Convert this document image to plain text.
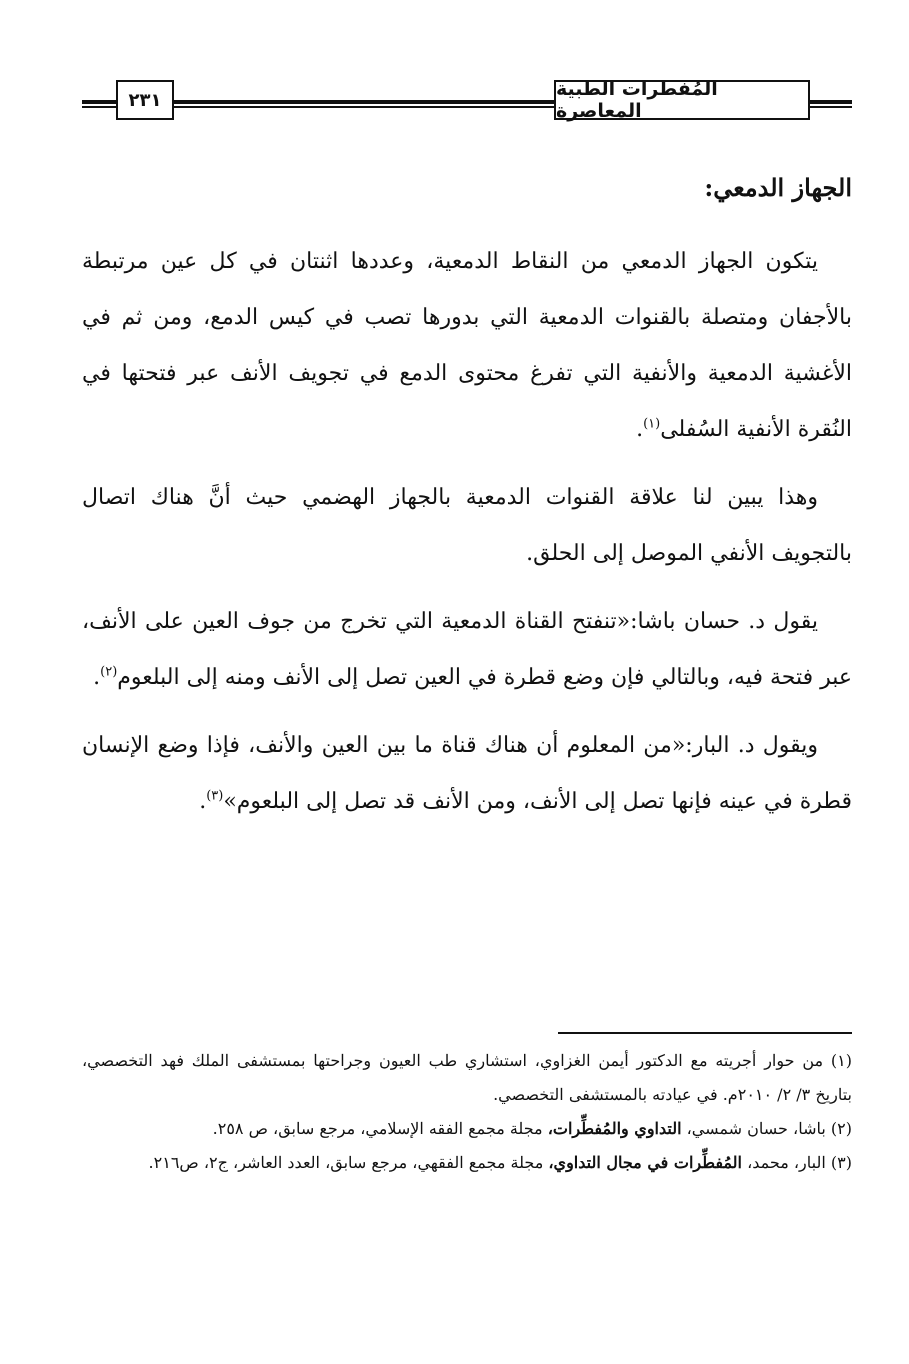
٢٣١	المُفطرات الطبية المعاصرة
الجهاز الدمعي:

يتكون الجهاز الدمعي من النقاط الدمعية، وعددها اثنتان في كل عين مرتبطة بالأجفان ومتصلة بالقنوات الدمعية التي بدورها تصب في كيس الدمع، ومن ثم في الأغشية الدمعية والأنفية التي تفرغ محتوى الدمع في تجويف الأنف عبر فتحتها في النُقرة الأنفية السُفلى$^{(١)}$.

وهذا يبين لنا علاقة القنوات الدمعية بالجهاز الهضمي حيث أنَّ هناك اتصال بالتجويف الأنفي الموصل إلى الحلق.

يقول د. حسان باشا:«تنفتح القناة الدمعية التي تخرج من جوف العين على الأنف، عبر فتحة فيه، وبالتالي فإن وضع قطرة في العين تصل إلى الأنف ومنه إلى البلعوم$^{(٢)}$.

ويقول د. البار:«من المعلوم أن هناك قناة ما بين العين والأنف، فإذا وضع الإنسان قطرة في عينه فإنها تصل إلى الأنف، ومن الأنف قد تصل إلى البلعوم»$^{(٣)}$.

(١) من حوار أجريته مع الدكتور أيمن الغزاوي، استشاري طب العيون وجراحتها بمستشفى الملك فهد التخصصي، بتاريخ ٣/ ٢/ ٢٠١٠م. في عيادته بالمستشفى التخصصي.

(٢) باشا، حسان شمسي، التداوي والمُفطِّرات، مجلة مجمع الفقه الإسلامي، مرجع سابق، ص ٢٥٨.

(٣) البار، محمد، المُفطِّرات في مجال التداوي، مجلة مجمع الفقهي، مرجع سابق، العدد العاشر، ج٢، ص٢١٦.
